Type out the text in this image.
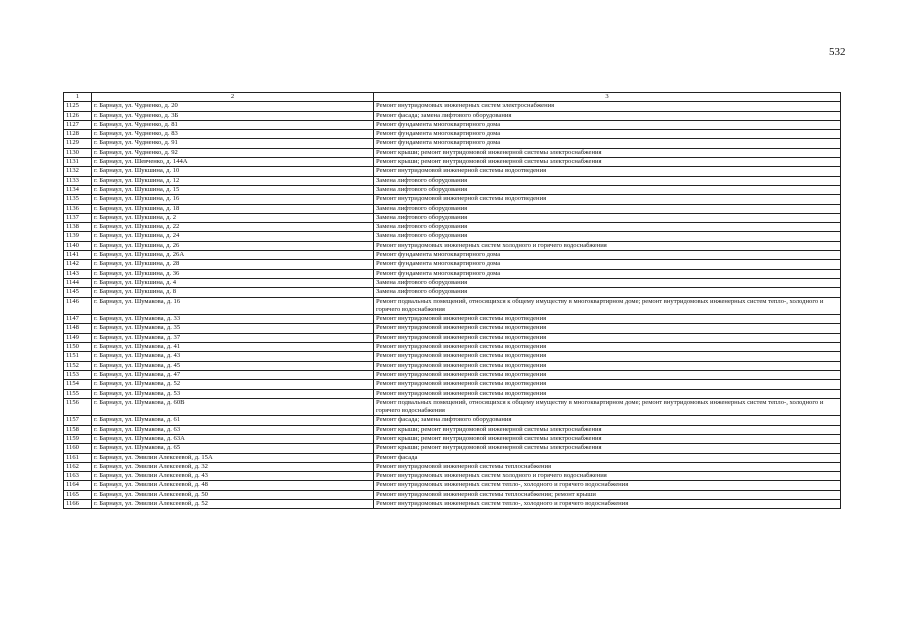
532
1	2	3
1125	г. Барнаул, ул. Чудненко, д. 20	Ремонт внутридомовых инженерных систем электроснабжения
1126	г. Барнаул, ул. Чудненко, д. 3Б	Ремонт фасада; замена лифтового оборудования
1127	г. Барнаул, ул. Чудненко, д. 81	Ремонт фундамента многоквартирного дома
1128	г. Барнаул, ул. Чудненко, д. 83	Ремонт фундамента многоквартирного дома
1129	г. Барнаул, ул. Чудненко, д. 91	Ремонт фундамента многоквартирного дома
1130	г. Барнаул, ул. Чудненко, д. 92	Ремонт крыши; ремонт внутридомовой инженерной системы электроснабжения
1131	г. Барнаул, ул. Шевченко, д. 144А	Ремонт крыши; ремонт внутридомовой инженерной системы электроснабжения
1132	г. Барнаул, ул. Шукшина, д. 10	Ремонт внутридомовой инженерной системы водоотведения
1133	г. Барнаул, ул. Шукшина, д. 12	Замена лифтового оборудования
1134	г. Барнаул, ул. Шукшина, д. 15	Замена лифтового оборудования
1135	г. Барнаул, ул. Шукшина, д. 16	Ремонт внутридомовой инженерной системы водоотведения
1136	г. Барнаул, ул. Шукшина, д. 18	Замена лифтового оборудования
1137	г. Барнаул, ул. Шукшина, д. 2	Замена лифтового оборудования
1138	г. Барнаул, ул. Шукшина, д. 22	Замена лифтового оборудования
1139	г. Барнаул, ул. Шукшина, д. 24	Замена лифтового оборудования
1140	г. Барнаул, ул. Шукшина, д. 26	Ремонт внутридомовых инженерных систем холодного и горячего водоснабжения
1141	г. Барнаул, ул. Шукшина, д. 26А	Ремонт фундамента многоквартирного дома
1142	г. Барнаул, ул. Шукшина, д. 28	Ремонт фундамента многоквартирного дома
1143	г. Барнаул, ул. Шукшина, д. 36	Ремонт фундамента многоквартирного дома
1144	г. Барнаул, ул. Шукшина, д. 4	Замена лифтового оборудования
1145	г. Барнаул, ул. Шукшина, д. 8	Замена лифтового оборудования
1146	г. Барнаул, ул. Шумакова, д. 16	Ремонт подвальных помещений, относящихся к общему имуществу в многоквартирном доме; ремонт внутридомовых инженерных систем тепло-, холодного и горячего водоснабжения
1147	г. Барнаул, ул. Шумакова, д. 33	Ремонт внутридомовой инженерной системы водоотведения
1148	г. Барнаул, ул. Шумакова, д. 35	Ремонт внутридомовой инженерной системы водоотведения
1149	г. Барнаул, ул. Шумакова, д. 37	Ремонт внутридомовой инженерной системы водоотведения
1150	г. Барнаул, ул. Шумакова, д. 41	Ремонт внутридомовой инженерной системы водоотведения
1151	г. Барнаул, ул. Шумакова, д. 43	Ремонт внутридомовой инженерной системы водоотведения
1152	г. Барнаул, ул. Шумакова, д. 45	Ремонт внутридомовой инженерной системы водоотведения
1153	г. Барнаул, ул. Шумакова, д. 47	Ремонт внутридомовой инженерной системы водоотведения
1154	г. Барнаул, ул. Шумакова, д. 52	Ремонт внутридомовой инженерной системы водоотведения
1155	г. Барнаул, ул. Шумакова, д. 53	Ремонт внутридомовой инженерной системы водоотведения
1156	г. Барнаул, ул. Шумакова, д. 60В	Ремонт подвальных помещений, относящихся к общему имуществу в многоквартирном доме; ремонт внутридомовых инженерных систем тепло-, холодного и горячего водоснабжения
1157	г. Барнаул, ул. Шумакова, д. 61	Ремонт фасада; замена лифтового оборудования
1158	г. Барнаул, ул. Шумакова, д. 63	Ремонт крыши; ремонт внутридомовой инженерной системы электроснабжения
1159	г. Барнаул, ул. Шумакова, д. 63А	Ремонт крыши; ремонт внутридомовой инженерной системы электроснабжения
1160	г. Барнаул, ул. Шумакова, д. 65	Ремонт крыши; ремонт внутридомовой инженерной системы электроснабжения
1161	г. Барнаул, ул. Эмилии Алексеевой, д. 15А	Ремонт фасада
1162	г. Барнаул, ул. Эмилии Алексеевой, д. 32	Ремонт внутридомовой инженерной системы теплоснабжения
1163	г. Барнаул, ул. Эмилии Алексеевой, д. 43	Ремонт внутридомовых инженерных систем холодного и горячего водоснабжения
1164	г. Барнаул, ул. Эмилии Алексеевой, д. 48	Ремонт внутридомовых инженерных систем тепло-, холодного и горячего водоснабжения
1165	г. Барнаул, ул. Эмилии Алексеевой, д. 50	Ремонт внутридомовой инженерной системы теплоснабжения; ремонт крыши
1166	г. Барнаул, ул. Эмилии Алексеевой, д. 52	Ремонт внутридомовых инженерных систем тепло-, холодного и горячего водоснабжения
